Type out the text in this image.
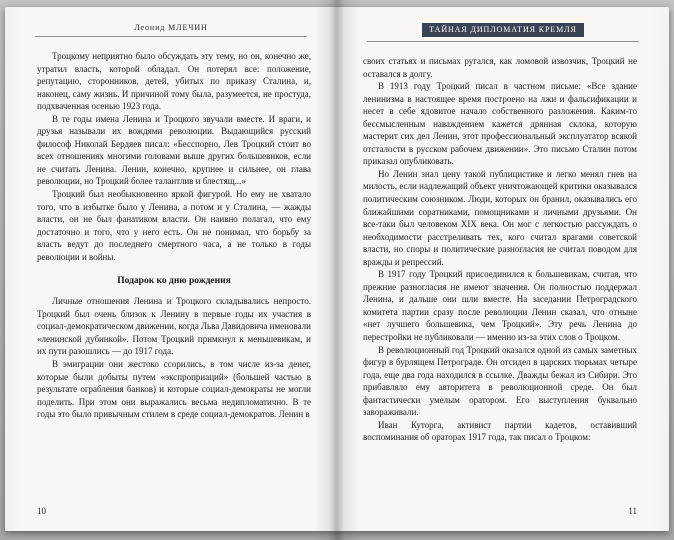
Леонид МЛЕЧИН

Троцкому неприятно было обсуждать эту тему, но он, конечно же, утратил власть, которой обладал. Он потерял все: положение, репутацию, сторонников, детей, убитых по приказу Сталина, и, наконец, саму жизнь. И причиной тому была, разумеется, не простуда, подхваченная осенью 1923 года.

В те годы имена Ленина и Троцкого звучали вместе. И враги, и друзья называли их вождями революции. Выдающийся русский философ Николай Бердяев писал: «Бесспорно, Лев Троцкий стоит во всех отношениях многими головами выше других большевиков, если не считать Ленина. Ленин, конечно, крупнее и сильнее, он глава революции, но Троцкий более талантлив и блестящ...»

Троцкий был необыкновенно яркой фигурой. Но ему не хватало того, что в избытке было у Ленина, а потом и у Сталина, — жажды власти, он не был фанатиком власти. Он наивно полагал, что ему достаточно и того, что у него есть. Он не понимал, что борьбу за власть ведут до последнего смертного часа, а не только в годы революции и войны.

Подарок ко дню рождения

Личные отношения Ленина и Троцкого складывались непросто. Троцкий был очень близок к Ленину в первые годы их участия в социал-демократическом движении, когда Льва Давидовича именовали «ленинской дубинкой». Потом Троцкий примкнул к меньшевикам, и их пути разошлись — до 1917 года.

В эмиграции они жестоко ссорились, в том числе из-за денег, которые были добыты путем «экспроприаций» (большей частью в результате ограбления банков) и которые социал-демократы не могли поделить. При этом они выражались весьма недипломатично. В те годы это было привычным стилем в среде социал-демократов. Ленин в

10
ТАЙНАЯ ДИПЛОМАТИЯ КРЕМЛЯ

своих статьях и письмах ругался, как ломовой извозчик, Троцкий не оставался в долгу.

В 1913 году Троцкий писал в частном письме: «Все здание ленинизма в настоящее время построено на лжи и фальсификации и несет в себе ядовитое начало собственного разложения. Каким-то бессмысленным наваждением кажется дрянная склока, которую мастерит сих дел Ленин, этот профессиональный эксплуататор всякой отсталости в русском рабочем движении». Это письмо Сталин потом приказал опубликовать.

Но Ленин знал цену такой публицистике и легко менял гнев на милость, если надлежащий объект уничтожающей критики оказывался политическим союзником. Люди, которых он бранил, оказывались его ближайшими соратниками, помощниками и личными друзьями. Он все-таки был человеком XIX века. Он мог с легкостью рассуждать о необходимости расстреливать тех, кого считал врагами советской власти, но споры и политические разногласия не считал поводом для вражды и репрессий.

В 1917 году Троцкий присоединился к большевикам, считая, что прежние разногласия не имеют значения. Он полностью поддержал Ленина, и дальше они шли вместе. На заседании Петроградского комитета партии сразу после революции Ленин сказал, что отныне «нет лучшего большевика, чем Троцкий». Эту речь Ленина до перестройки не публиковали — именно из-за этих слов о Троцком.

В революционный год Троцкий оказался одной из самых заметных фигур в бурлящем Петрограде. Он отсидел в царских тюрьмах четыре года, еще два года находился в ссылке. Дважды бежал из Сибири. Это прибавляло ему авторитета в революционной среде. Он был фантастически умелым оратором. Его выступления буквально завораживали.

Иван Куторга, активист партии кадетов, оставивший воспоминания об ораторах 1917 года, так писал о Троцком:

11
